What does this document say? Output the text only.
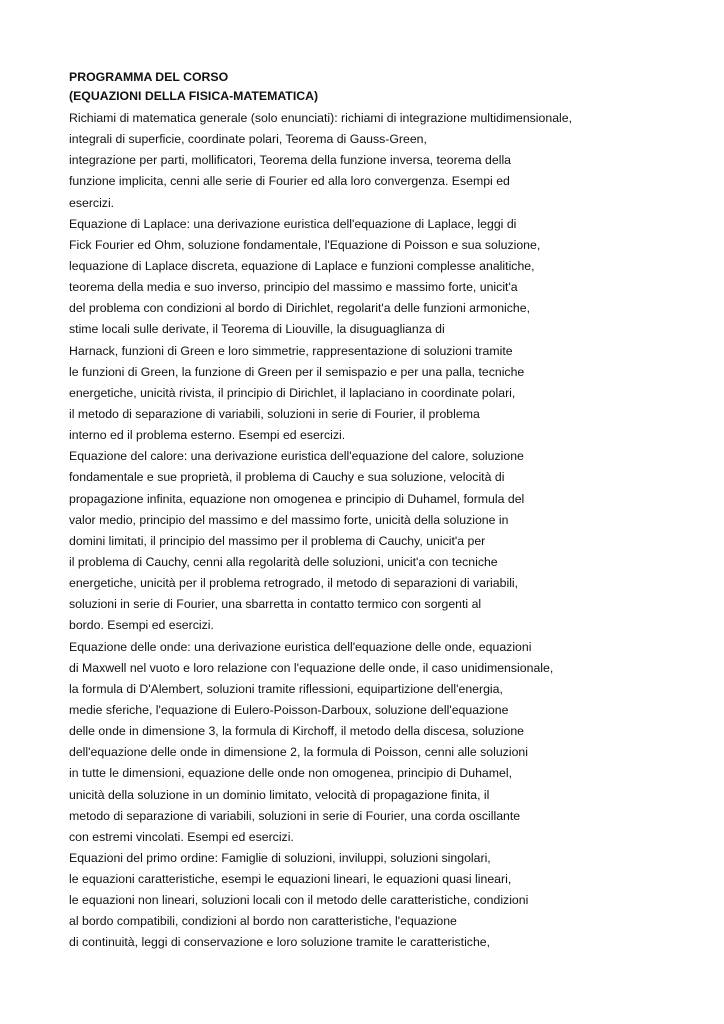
PROGRAMMA DEL CORSO
(EQUAZIONI DELLA FISICA-MATEMATICA)
Richiami di matematica generale (solo enunciati): richiami di integrazione multidimensionale,
integrali di superficie, coordinate polari, Teorema di Gauss-Green,
integrazione per parti, mollificatori, Teorema della funzione inversa, teorema della
funzione implicita, cenni alle serie di Fourier ed alla loro convergenza. Esempi ed
esercizi.
Equazione di Laplace: una derivazione euristica dell'equazione di Laplace, leggi di
Fick Fourier ed Ohm, soluzione fondamentale, l'Equazione di Poisson e sua soluzione,
lequazione di Laplace discreta, equazione di Laplace e funzioni complesse analitiche,
teorema della media e suo inverso, principio del massimo e massimo forte, unicit'a
del problema con condizioni al bordo di Dirichlet, regolarit'a delle funzioni armoniche,
stime locali sulle derivate, il Teorema di Liouville, la disuguaglianza di
Harnack, funzioni di Green e loro simmetrie, rappresentazione di soluzioni tramite
le funzioni di Green, la funzione di Green per il semispazio e per una palla, tecniche
energetiche, unicità rivista, il principio di Dirichlet, il laplaciano in coordinate polari,
il metodo di separazione di variabili, soluzioni in serie di Fourier, il problema
interno ed il problema esterno. Esempi ed esercizi.
Equazione del calore: una derivazione euristica dell'equazione del calore, soluzione
fondamentale e sue proprietà, il problema di Cauchy e sua soluzione, velocità di
propagazione infinita, equazione non omogenea e principio di Duhamel, formula del
valor medio, principio del massimo e del massimo forte, unicità della soluzione in
domini limitati, il principio del massimo per il problema di Cauchy, unicit'a per
il problema di Cauchy, cenni alla regolarità delle soluzioni, unicit'a con tecniche
energetiche, unicità per il problema retrogrado, il metodo di separazioni di variabili,
soluzioni in serie di Fourier, una sbarretta in contatto termico con sorgenti al
bordo. Esempi ed esercizi.
Equazione delle onde: una derivazione euristica dell'equazione delle onde, equazioni
di Maxwell nel vuoto e loro relazione con l'equazione delle onde, il caso unidimensionale,
la formula di D'Alembert, soluzioni tramite riflessioni, equipartizione dell'energia,
medie sferiche, l'equazione di Eulero-Poisson-Darboux, soluzione dell'equazione
delle onde in dimensione 3, la formula di Kirchoff, il metodo della discesa, soluzione
dell'equazione delle onde in dimensione 2, la formula di Poisson, cenni alle soluzioni
in tutte le dimensioni, equazione delle onde non omogenea, principio di Duhamel,
unicità della soluzione in un dominio limitato, velocità di propagazione finita, il
metodo di separazione di variabili, soluzioni in serie di Fourier, una corda oscillante
con estremi vincolati. Esempi ed esercizi.
Equazioni del primo ordine: Famiglie di soluzioni, inviluppi, soluzioni singolari,
le equazioni caratteristiche, esempi le equazioni lineari, le equazioni quasi lineari,
le equazioni non lineari, soluzioni locali con il metodo delle caratteristiche, condizioni
al bordo compatibili, condizioni al bordo non caratteristiche, l'equazione
di continuità, leggi di conservazione e loro soluzione tramite le caratteristiche,
